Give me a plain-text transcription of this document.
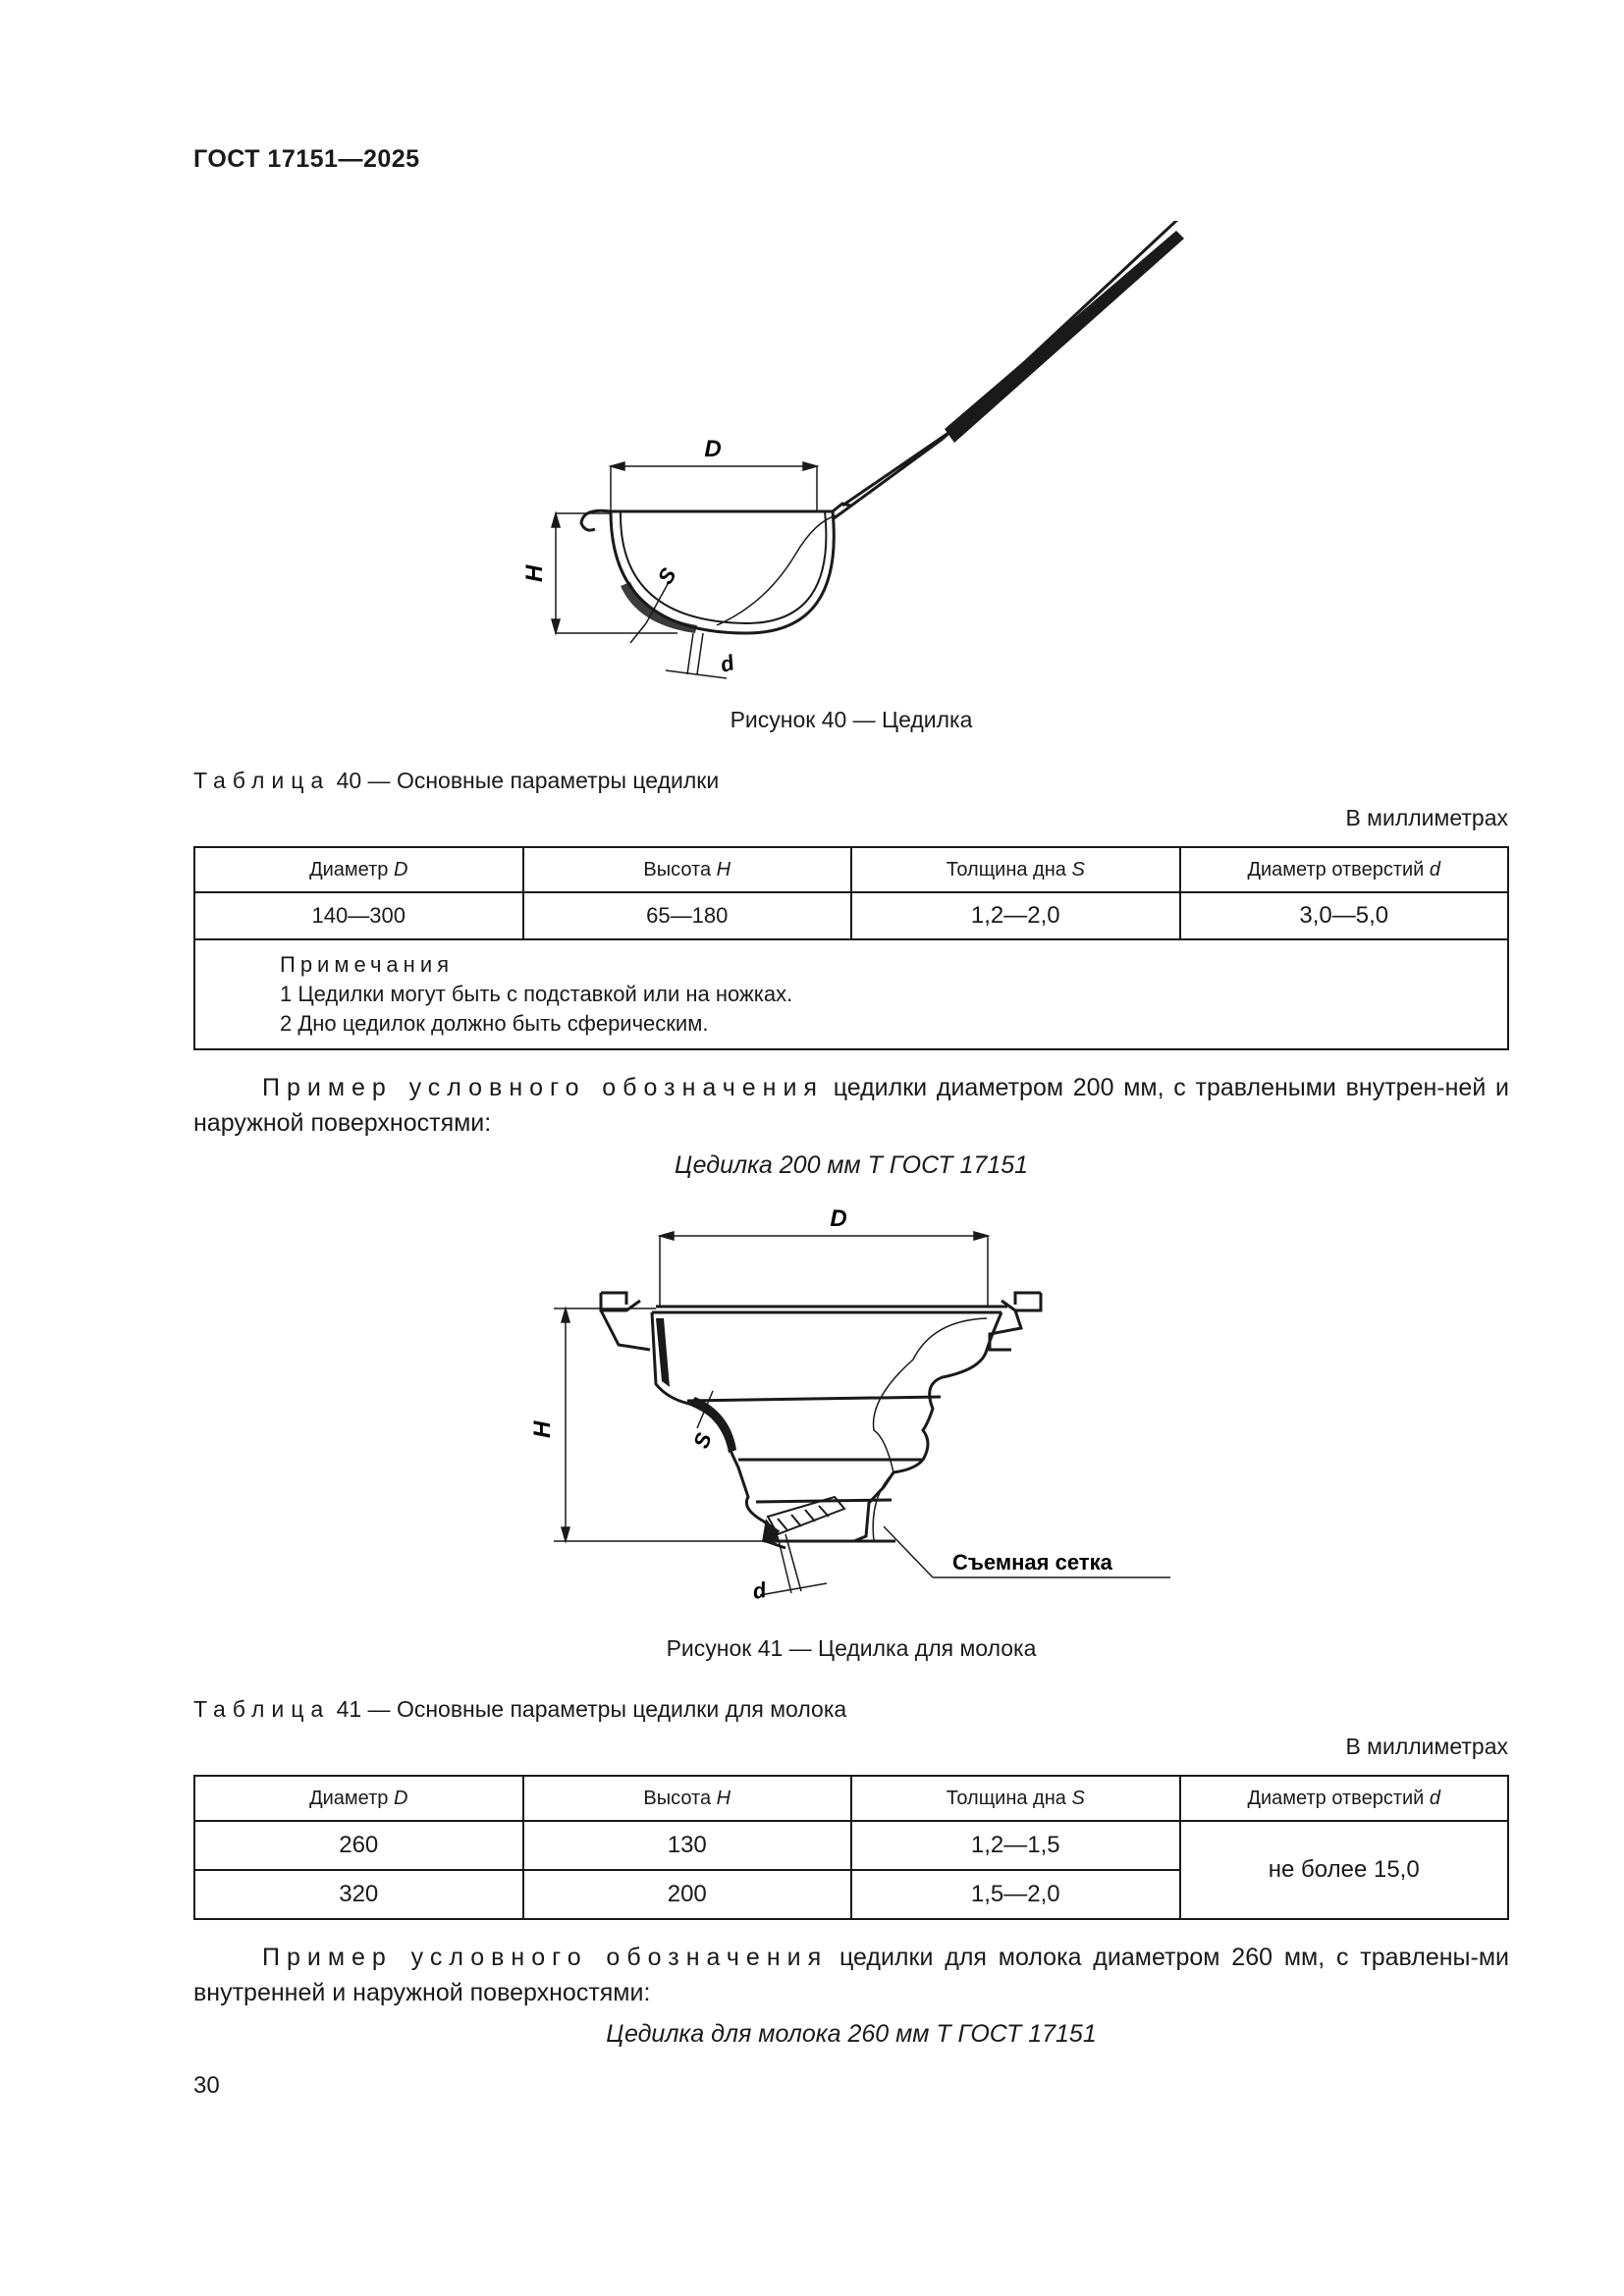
ГОСТ 17151—2025
D
H	S
d
Рисунок 40 — Цедилка
Таблица 40 — Основные параметры цедилки
В миллиметрах
Диаметр D	Высота H	Толщина дна S	Диаметр отверстий d
140—300	65—180	1,2—2,0	3,0—5,0

Примечания
1 Цедилки могут быть с подставкой или на ножках.
2 Дно цедилок должно быть сферическим.			
Пример условного обозначения цедилки диаметром 200 мм, с травлеными внутрен-ней и наружной поверхностями:
Цедилка 200 мм Т ГОСТ 17151
Съемная сетка
D
H
S
d
Рисунок 41 — Цедилка для молока
Таблица 41 — Основные параметры цедилки для молока
В миллиметрах
Диаметр D	Высота H	Толщина дна S	Диаметр отверстий d
260	130	1,2—1,5	не более 15,0
320	200	1,5—2,0	
Пример условного обозначения цедилки для молока диаметром 260 мм, с травлены-ми внутренней и наружной поверхностями:
Цедилка для молока 260 мм Т ГОСТ 17151
30
